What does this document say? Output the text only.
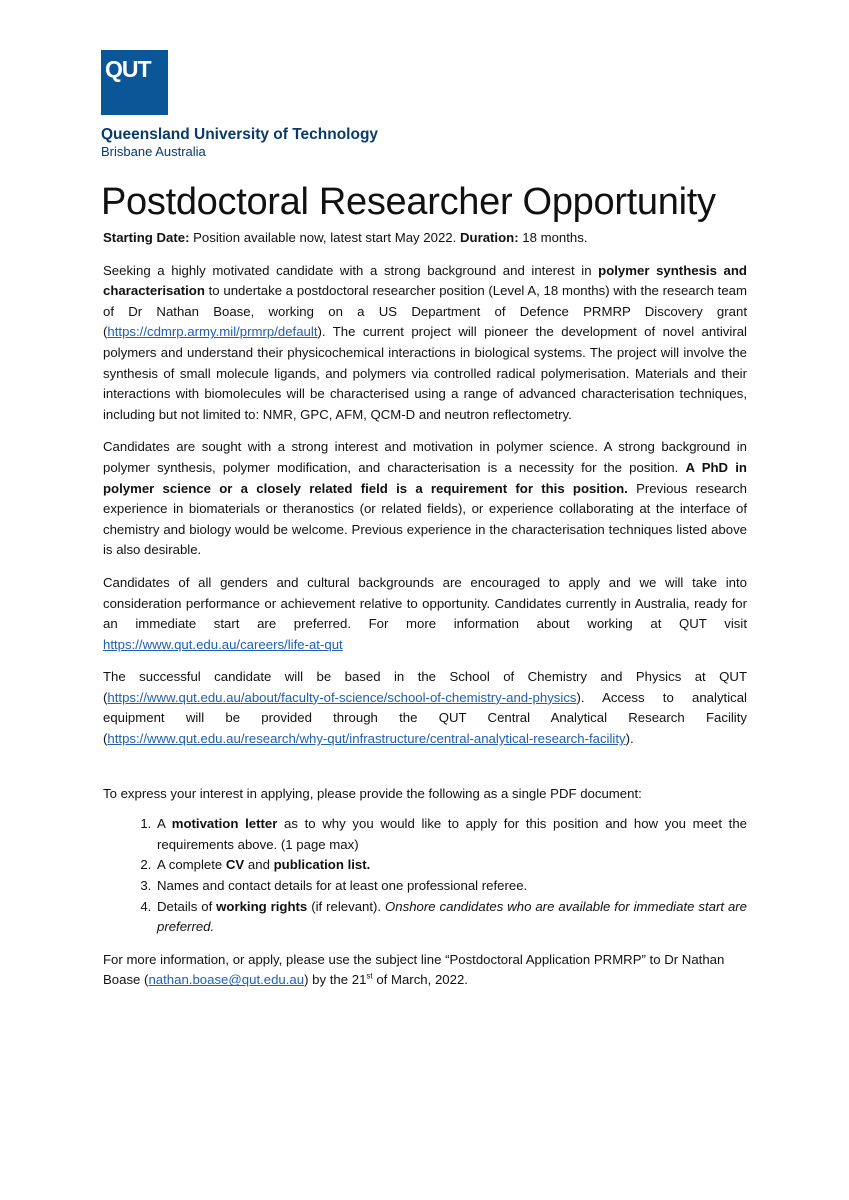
QUT
Queensland University of Technology
Brisbane Australia
Postdoctoral Researcher Opportunity

Starting Date: Position available now, latest start May 2022. Duration: 18 months.

Seeking a highly motivated candidate with a strong background and interest in polymer synthesis and characterisation to undertake a postdoctoral researcher position (Level A, 18 months) with the research team of Dr Nathan Boase, working on a US Department of Defence PRMRP Discovery grant (https://cdmrp.army.mil/prmrp/default). The current project will pioneer the development of novel antiviral polymers and understand their physicochemical interactions in biological systems. The project will involve the synthesis of small molecule ligands, and polymers via controlled radical polymerisation. Materials and their interactions with biomolecules will be characterised using a range of advanced characterisation techniques, including but not limited to: NMR, GPC, AFM, QCM-D and neutron reflectometry.

Candidates are sought with a strong interest and motivation in polymer science. A strong background in polymer synthesis, polymer modification, and characterisation is a necessity for the position. A PhD in polymer science or a closely related field is a requirement for this position. Previous research experience in biomaterials or theranostics (or related fields), or experience collaborating at the interface of chemistry and biology would be welcome. Previous experience in the characterisation techniques listed above is also desirable.

Candidates of all genders and cultural backgrounds are encouraged to apply and we will take into consideration performance or achievement relative to opportunity. Candidates currently in Australia, ready for an immediate start are preferred. For more information about working at QUT visit https://www.qut.edu.au/careers/life-at-qut

The successful candidate will be based in the School of Chemistry and Physics at QUT (https://www.qut.edu.au/about/faculty-of-science/school-of-chemistry-and-physics). Access to analytical equipment will be provided through the QUT Central Analytical Research Facility (https://www.qut.edu.au/research/why-qut/infrastructure/central-analytical-research-facility).

To express your interest in applying, please provide the following as a single PDF document:

1. A motivation letter as to why you would like to apply for this position and how you meet the requirements above. (1 page max)
2. A complete CV and publication list.
3. Names and contact details for at least one professional referee.
4. Details of working rights (if relevant). Onshore candidates who are available for immediate start are preferred.

For more information, or apply, please use the subject line “Postdoctoral Application PRMRP” to Dr Nathan Boase (nathan.boase@qut.edu.au) by the 21st of March, 2022.
